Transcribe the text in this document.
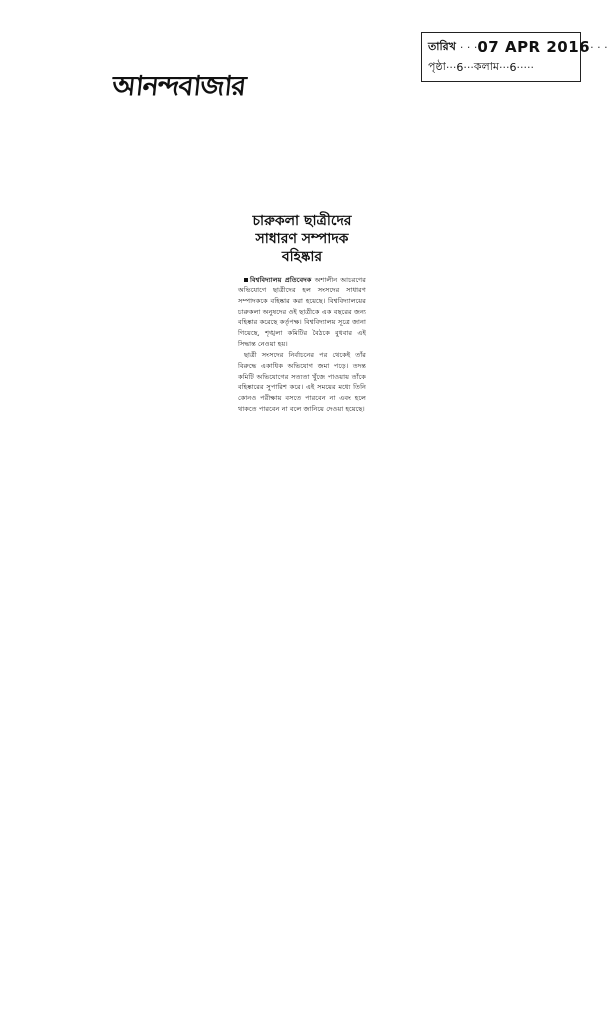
আনন্দবাজার
তারিখ · · · 07 APR 2016 · · ·
পৃষ্ঠা ··· 6 ··· কলাম ··· 6 ·····
চারুকলা ছাত্রীদের
সাধারণ সম্পাদক
বহিষ্কার

বিশ্ববিদ্যালয় প্রতিবেদক অশালীন আচরণের অভিযোগে ছাত্রীদের হল সংসদের সাধারণ সম্পাদককে বহিষ্কার করা হয়েছে। বিশ্ববিদ্যালয়ের চারুকলা অনুষদের ওই ছাত্রীকে এক বছরের জন্য বহিষ্কার করেছে কর্তৃপক্ষ। বিশ্ববিদ্যালয় সূত্রে জানা গিয়েছে, শৃঙ্খলা কমিটির বৈঠকে বুধবার এই সিদ্ধান্ত নেওয়া হয়।

ছাত্রী সংসদের নির্বাচনের পর থেকেই তাঁর বিরুদ্ধে একাধিক অভিযোগ জমা পড়ে। তদন্ত কমিটি অভিযোগের সত্যতা খুঁজে পাওয়ায় তাঁকে বহিষ্কারের সুপারিশ করে। এই সময়ের মধ্যে তিনি কোনও পরীক্ষায় বসতে পারবেন না এবং হলে থাকতে পারবেন না বলে জানিয়ে দেওয়া হয়েছে।
